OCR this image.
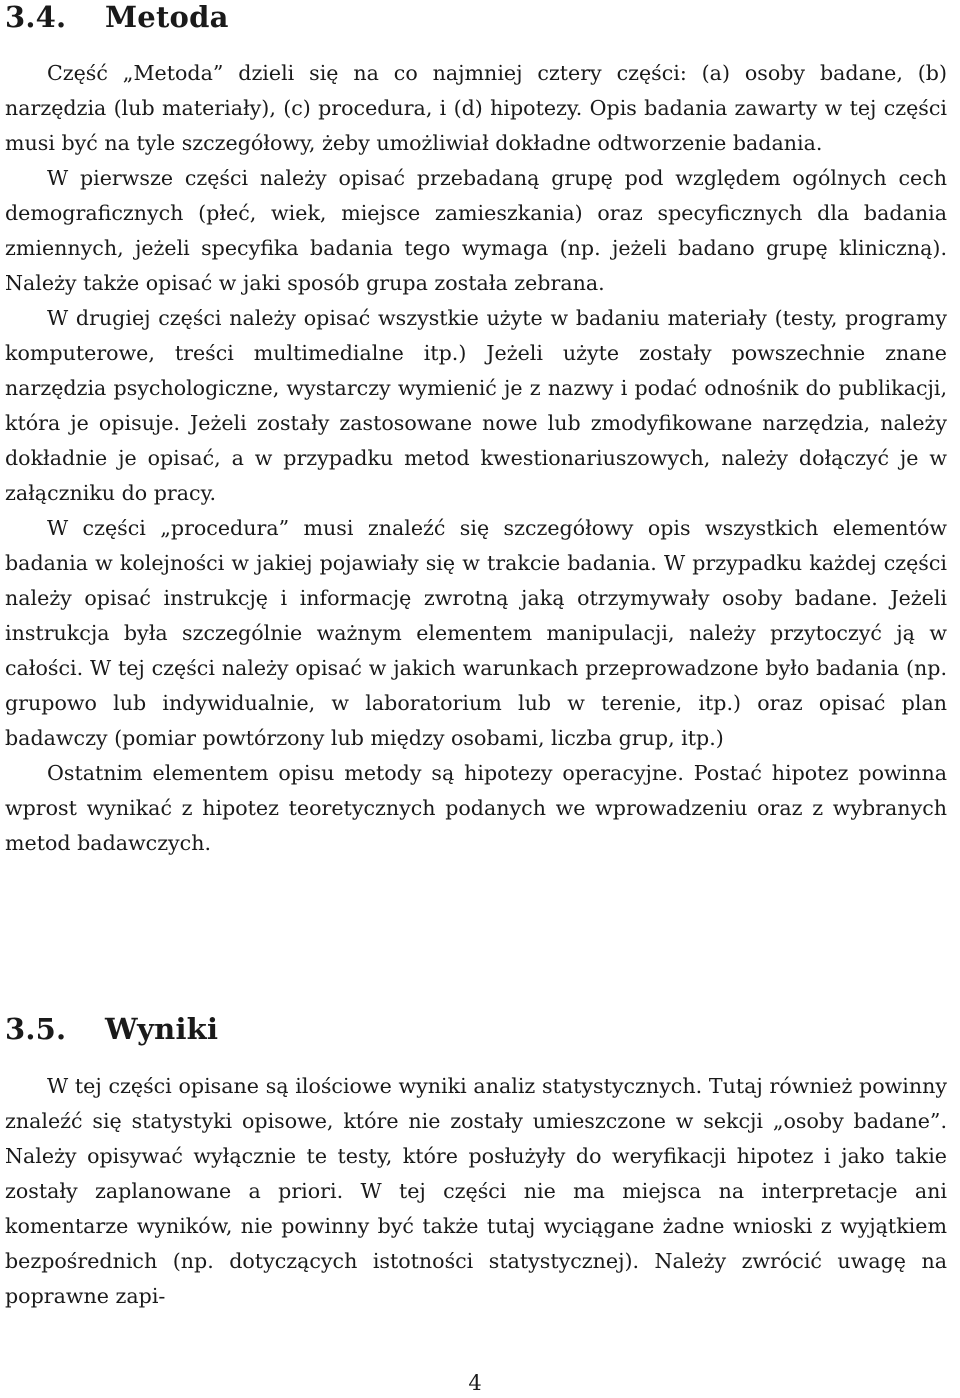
3.4. Metoda

Część „Metoda” dzieli się na co najmniej cztery części: (a) osoby badane, (b) narzędzia (lub materiały), (c) procedura, i (d) hipotezy. Opis badania zawarty w tej części musi być na tyle szczegółowy, żeby umożliwiał dokładne odtworzenie badania.

W pierwsze części należy opisać przebadaną grupę pod względem ogólnych cech demograficznych (płeć, wiek, miejsce zamieszkania) oraz specyficznych dla badania zmiennych, jeżeli specyfika badania tego wymaga (np. jeżeli badano grupę kliniczną). Należy także opisać w jaki sposób grupa została zebrana.

W drugiej części należy opisać wszystkie użyte w badaniu materiały (testy, programy komputerowe, treści multimedialne itp.) Jeżeli użyte zostały powszechnie znane narzędzia psychologiczne, wystarczy wymienić je z nazwy i podać odnośnik do publikacji, która je opisuje. Jeżeli zostały zastosowane nowe lub zmodyfikowane narzędzia, należy dokładnie je opisać, a w przypadku metod kwestionariuszowych, należy dołączyć je w załączniku do pracy.

W części „procedura” musi znaleźć się szczegółowy opis wszystkich elementów badania w kolejności w jakiej pojawiały się w trakcie badania. W przypadku każdej części należy opisać instrukcję i informację zwrotną jaką otrzymywały osoby badane. Jeżeli instrukcja była szczególnie ważnym elementem manipulacji, należy przytoczyć ją w całości. W tej części należy opisać w jakich warunkach przeprowadzone było badania (np. grupowo lub indywidualnie, w laboratorium lub w terenie, itp.) oraz opisać plan badawczy (pomiar powtórzony lub między osobami, liczba grup, itp.)

Ostatnim elementem opisu metody są hipotezy operacyjne. Postać hipotez powinna wprost wynikać z hipotez teoretycznych podanych we wprowadzeniu oraz z wybranych metod badawczych.

3.5. Wyniki

W tej części opisane są ilościowe wyniki analiz statystycznych. Tutaj również powinny znaleźć się statystyki opisowe, które nie zostały umieszczone w sekcji „osoby badane”. Należy opisywać wyłącznie te testy, które posłużyły do weryfikacji hipotez i jako takie zostały zaplanowane a priori. W tej części nie ma miejsca na interpretacje ani komentarze wyników, nie powinny być także tutaj wyciągane żadne wnioski z wyjątkiem bezpośrednich (np. dotyczących istotności statystycznej). Należy zwrócić uwagę na poprawne zapi-

4
